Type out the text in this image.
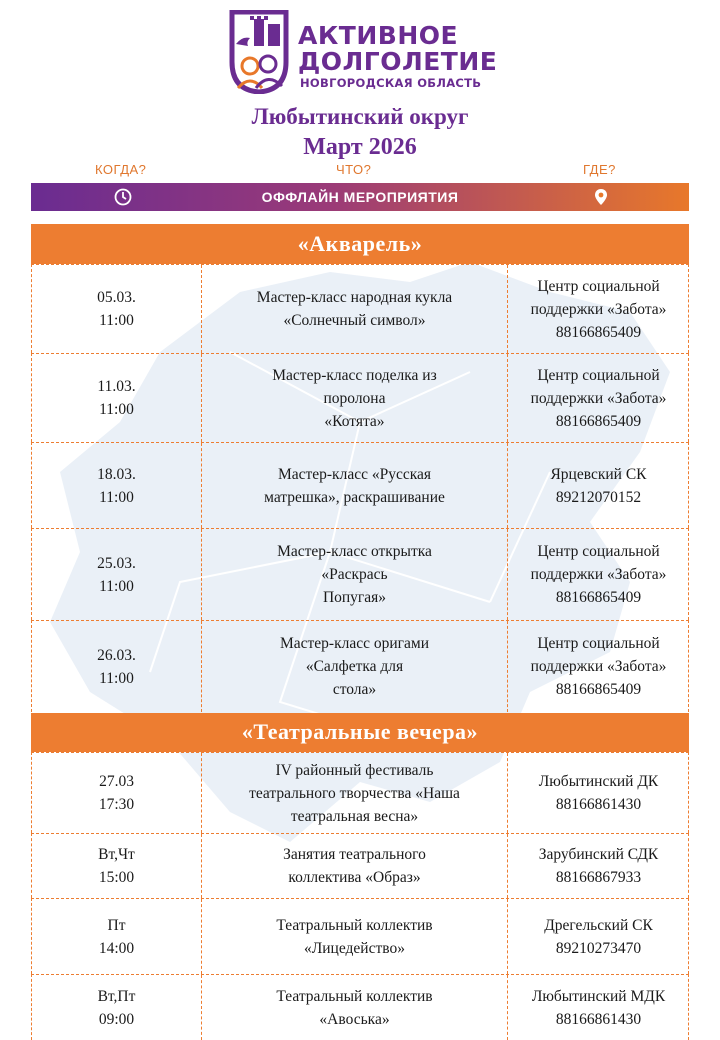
АКТИВНОЕ
ДОЛГОЛЕТИЕ
НОВГОРОДСКАЯ ОБЛАСТЬ
Любытинский округ
Март 2026
КОГДА?	ЧТО?	ГДЕ?
ОФФЛАЙН МЕРОПРИЯТИЯ
«Акварель»
05.03.
11:00
Мастер-класс народная кукла
«Солнечный символ»
Центр социальной
поддержки «Забота»
88166865409
11.03.
11:00
Мастер-класс поделка из
поролона
«Котята»
Центр социальной
поддержки «Забота»
88166865409
18.03.
11:00
Мастер-класс «Русская
матрешка», раскрашивание
Ярцевский СК
89212070152
25.03.
11:00
Мастер-класс открытка
«Раскрась
Попугая»
Центр социальной
поддержки «Забота»
88166865409
26.03.
11:00
Мастер-класс оригами
«Салфетка для
стола»
Центр социальной
поддержки «Забота»
88166865409
«Театральные вечера»
27.03
17:30
IV районный фестиваль
театрального творчества «Наша
театральная весна»
Любытинский ДК
88166861430
Вт,Чт
15:00
Занятия театрального
коллектива «Образ»
Зарубинский СДК
88166867933
Пт
14:00
Театральный коллектив
«Лицедейство»
Дрегельский СК
89210273470
Вт,Пт
09:00
Театральный коллектив
«Авоська»
Любытинский МДК
88166861430
